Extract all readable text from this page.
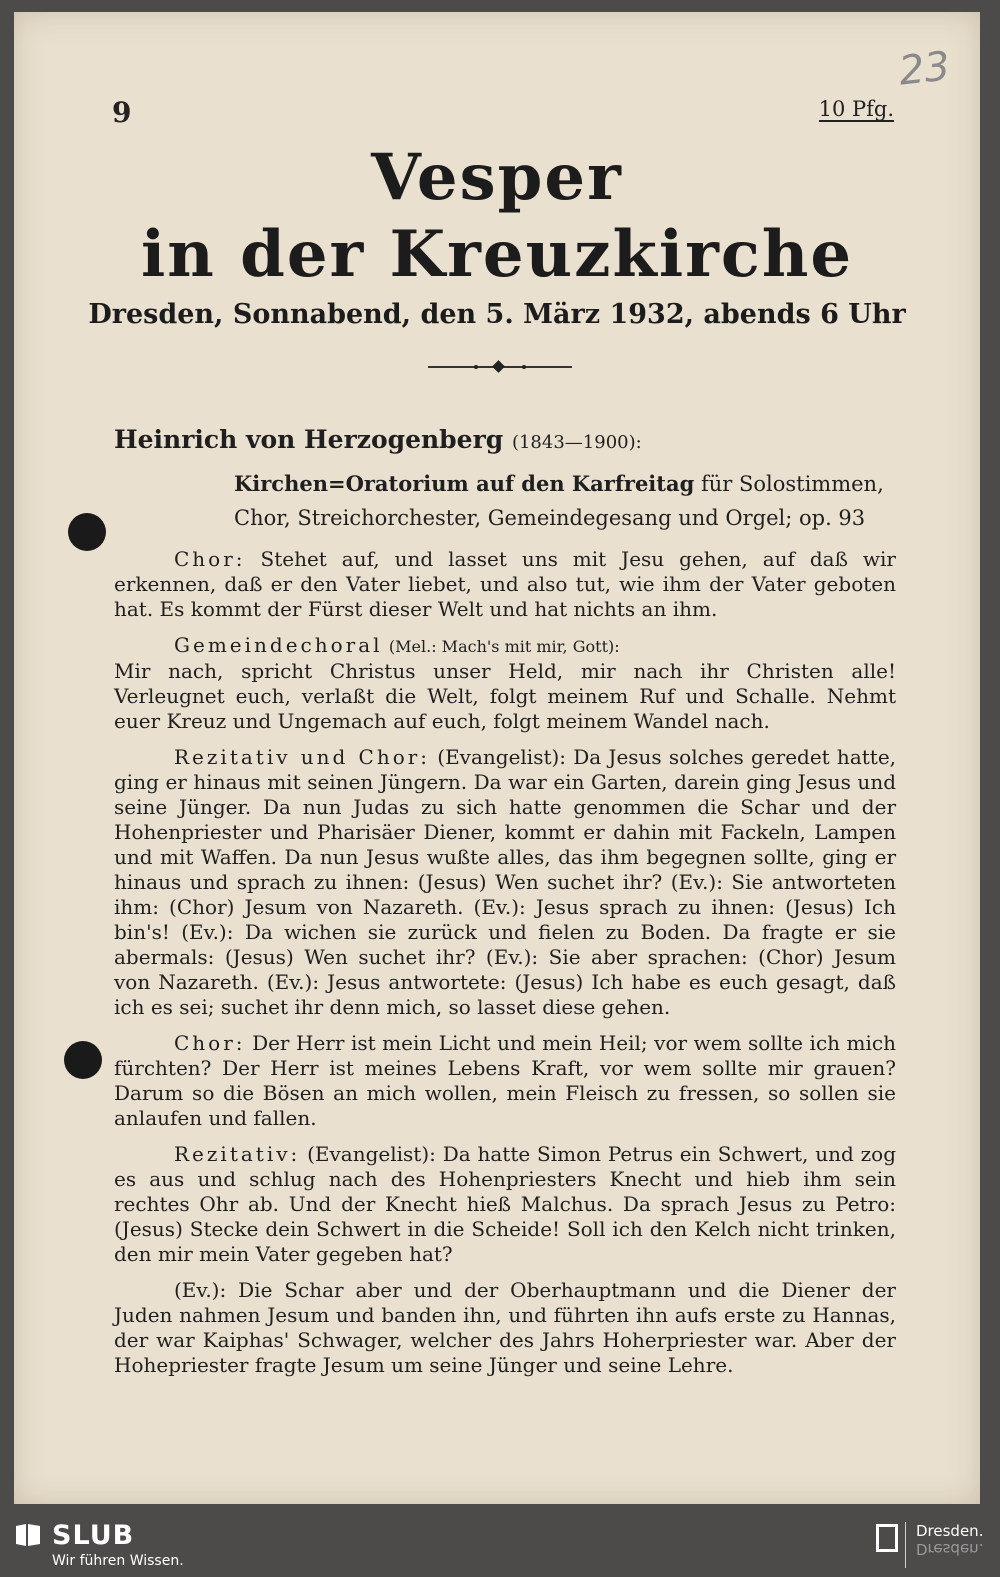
9
23
10 Pfg.
Vesper
in der Kreuzkirche
Dresden, Sonnabend, den 5. März 1932, abends 6 Uhr

Heinrich von Herzogenberg (1843—1900):

Kirchen=Oratorium auf den Karfreitag für Solostimmen, Chor, Streichorchester, Gemeindegesang und Orgel; op. 93

Chor: Stehet auf, und lasset uns mit Jesu gehen, auf daß wir erkennen, daß er den Vater liebet, und also tut, wie ihm der Vater geboten hat. Es kommt der Fürst dieser Welt und hat nichts an ihm.

Gemeindechoral (Mel.: Mach's mit mir, Gott):
Mir nach, spricht Christus unser Held, mir nach ihr Christen alle! Verleugnet euch, verlaßt die Welt, folgt meinem Ruf und Schalle. Nehmt euer Kreuz und Ungemach auf euch, folgt meinem Wandel nach.

Rezitativ und Chor: (Evangelist): Da Jesus solches geredet hatte, ging er hinaus mit seinen Jüngern. Da war ein Garten, darein ging Jesus und seine Jünger. Da nun Judas zu sich hatte genommen die Schar und der Hohenpriester und Pharisäer Diener, kommt er dahin mit Fackeln, Lampen und mit Waffen. Da nun Jesus wußte alles, das ihm begegnen sollte, ging er hinaus und sprach zu ihnen: (Jesus) Wen suchet ihr? (Ev.): Sie antworteten ihm: (Chor) Jesum von Nazareth. (Ev.): Jesus sprach zu ihnen: (Jesus) Ich bin's! (Ev.): Da wichen sie zurück und fielen zu Boden. Da fragte er sie abermals: (Jesus) Wen suchet ihr? (Ev.): Sie aber sprachen: (Chor) Jesum von Nazareth. (Ev.): Jesus antwortete: (Jesus) Ich habe es euch gesagt, daß ich es sei; suchet ihr denn mich, so lasset diese gehen.

Chor: Der Herr ist mein Licht und mein Heil; vor wem sollte ich mich fürchten? Der Herr ist meines Lebens Kraft, vor wem sollte mir grauen? Darum so die Bösen an mich wollen, mein Fleisch zu fressen, so sollen sie anlaufen und fallen.

Rezitativ: (Evangelist): Da hatte Simon Petrus ein Schwert, und zog es aus und schlug nach des Hohenpriesters Knecht und hieb ihm sein rechtes Ohr ab. Und der Knecht hieß Malchus. Da sprach Jesus zu Petro: (Jesus) Stecke dein Schwert in die Scheide! Soll ich den Kelch nicht trinken, den mir mein Vater gegeben hat?

(Ev.): Die Schar aber und der Oberhauptmann und die Diener der Juden nahmen Jesum und banden ihn, und führten ihn aufs erste zu Hannas, der war Kaiphas' Schwager, welcher des Jahrs Hoherpriester war. Aber der Hohepriester fragte Jesum um seine Jünger und seine Lehre.

SLUB
Wir führen Wissen.
Dresden.
Dresden.
